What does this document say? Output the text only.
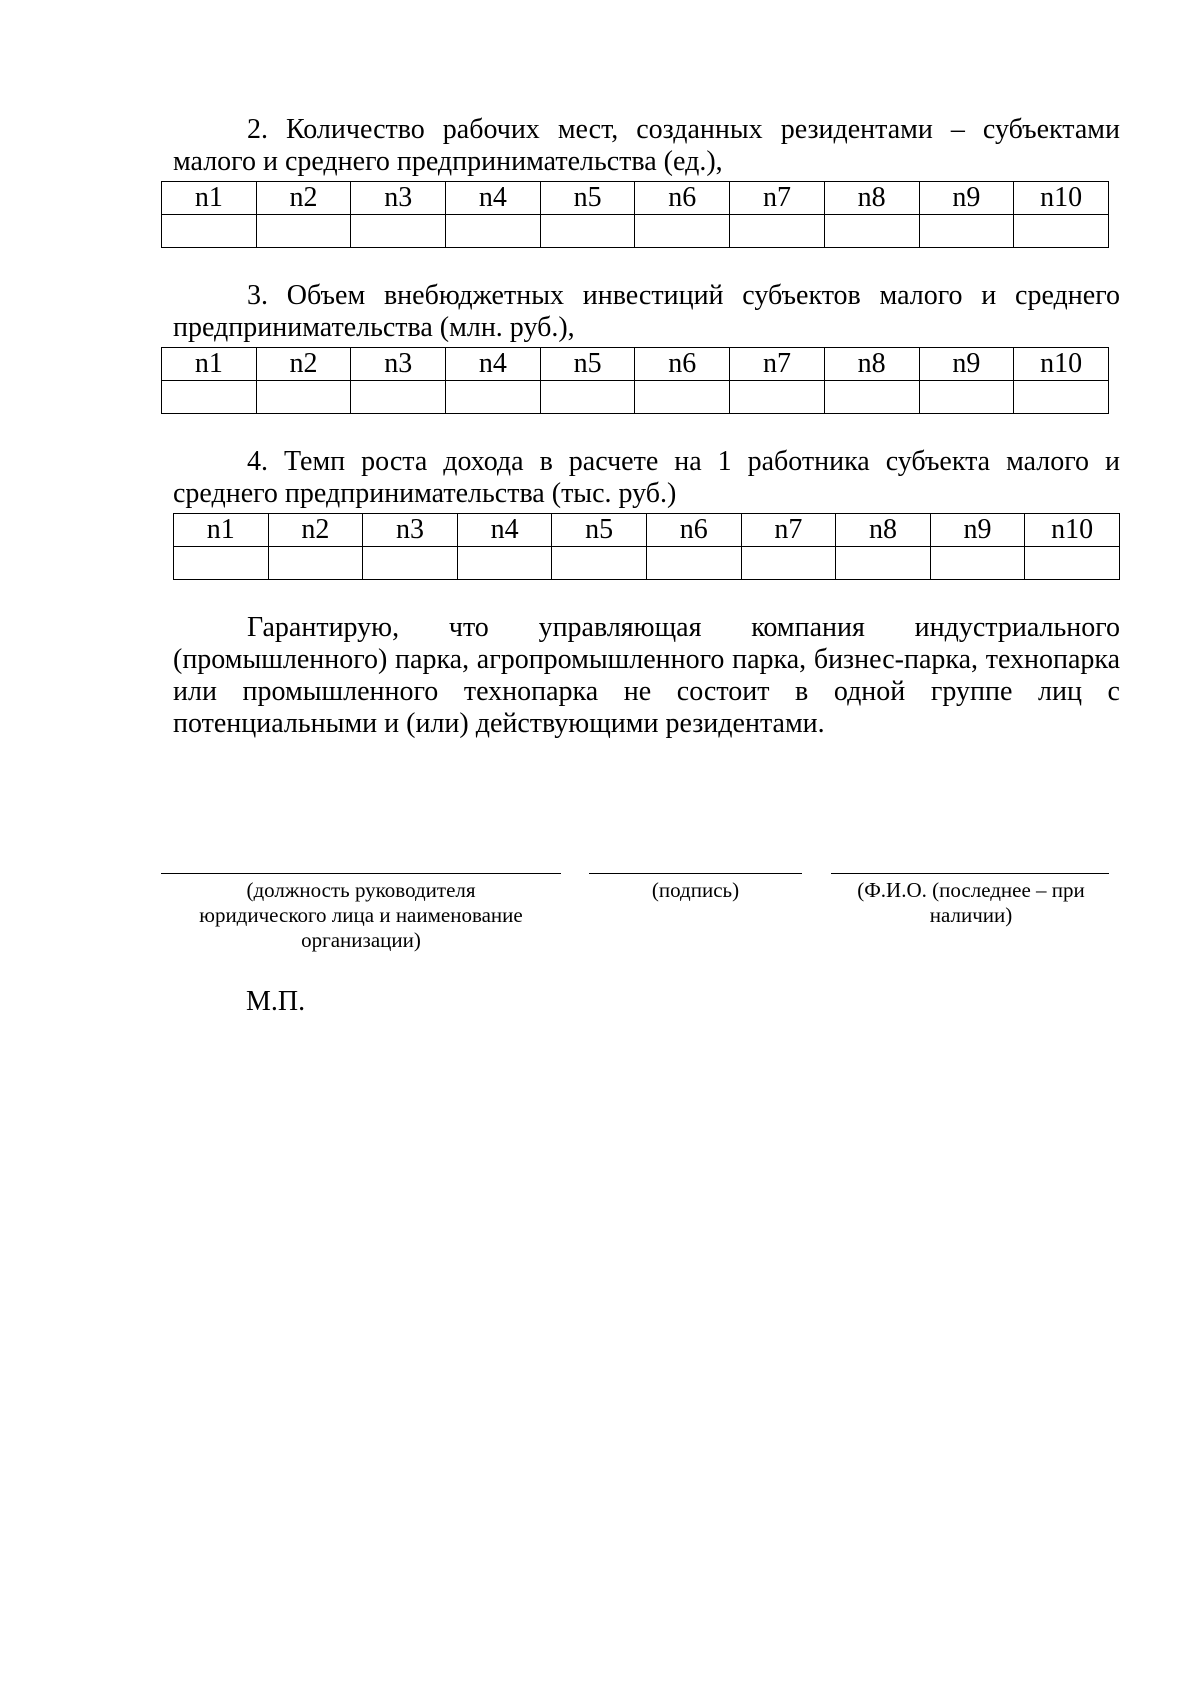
2. Количество рабочих мест, созданных резидентами – субъектами малого и среднего предпринимательства (ед.),

n1	n2	n3	n4	n5	n6	n7	n8	n9	n10

3. Объем внебюджетных инвестиций субъектов малого и среднего предпринимательства (млн. руб.),

n1	n2	n3	n4	n5	n6	n7	n8	n9	n10

4. Темп роста дохода в расчете на 1 работника субъекта малого и среднего предпринимательства (тыс. руб.)

n1	n2	n3	n4	n5	n6	n7	n8	n9	n10

Гарантирую, что управляющая компания индустриального (промышленного) парка, агропромышленного парка, бизнес-парка, технопарка или промышленного технопарка не состоит в одной группе лиц с потенциальными и (или) действующими резидентами.

(должность руководителя юридического лица и наименование организации)
(подпись)	(Ф.И.О. (последнее – при наличии)
М.П.
